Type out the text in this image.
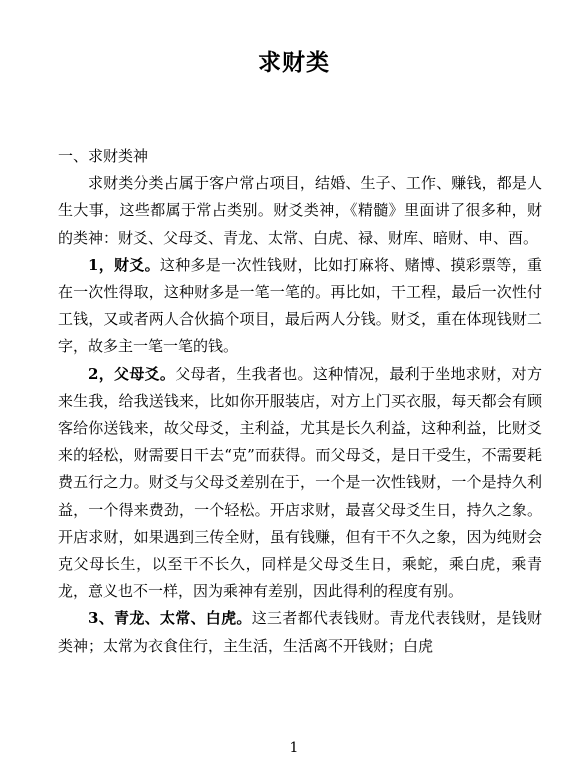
求财类

一、求财类神

求财类分类占属于客户常占项目，结婚、生子、工作、赚钱，都是人生大事，这些都属于常占类别。财爻类神，《精髓》里面讲了很多种，财的类神：财爻、父母爻、青龙、太常、白虎、禄、财库、暗财、申、酉。

1，财爻。这种多是一次性钱财，比如打麻将、赌博、摸彩票等，重在一次性得取，这种财多是一笔一笔的。再比如，干工程，最后一次性付工钱，又或者两人合伙搞个项目，最后两人分钱。财爻，重在体现钱财二字，故多主一笔一笔的钱。

2，父母爻。父母者，生我者也。这种情况，最利于坐地求财，对方来生我，给我送钱来，比如你开服装店，对方上门买衣服，每天都会有顾客给你送钱来，故父母爻，主利益，尤其是长久利益，这种利益，比财爻来的轻松，财需要日干去“克”而获得。而父母爻，是日干受生，不需要耗费五行之力。财爻与父母爻差别在于，一个是一次性钱财，一个是持久利益，一个得来费劲，一个轻松。开店求财，最喜父母爻生日，持久之象。开店求财，如果遇到三传全财，虽有钱赚，但有干不久之象，因为纯财会克父母长生，以至干不长久，同样是父母爻生日，乘蛇，乘白虎，乘青龙，意义也不一样，因为乘神有差别，因此得利的程度有别。

3、青龙、太常、白虎。这三者都代表钱财。青龙代表钱财，是钱财类神；太常为衣食住行，主生活，生活离不开钱财；白虎

1
